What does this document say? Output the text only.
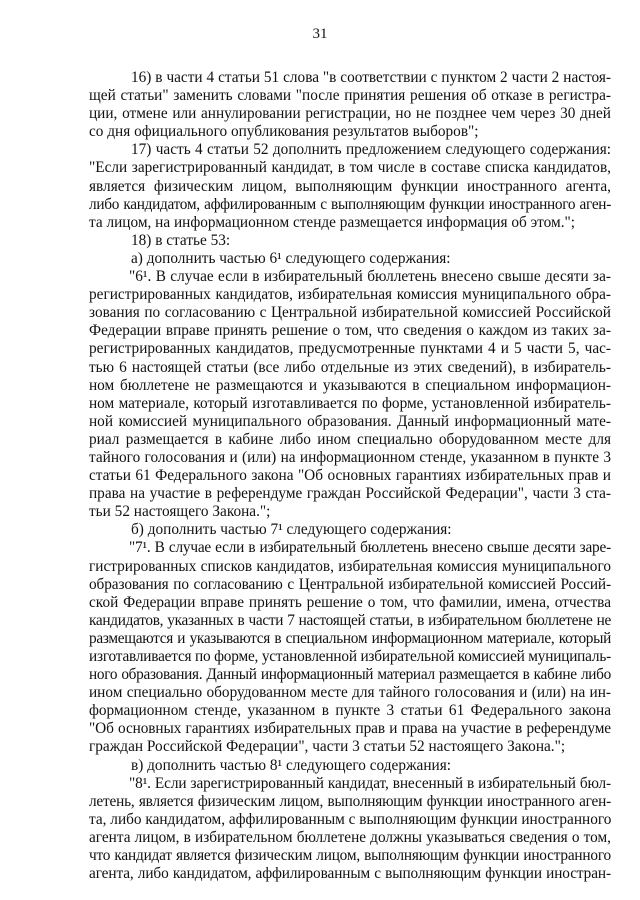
31
16) в части 4 статьи 51 слова "в соответствии с пунктом 2 части 2 настоя-
щей статьи" заменить словами "после принятия решения об отказе в регистра-
ции, отмене или аннулировании регистрации, но не позднее чем через 30 дней
со дня официального опубликования результатов выборов";
17) часть 4 статьи 52 дополнить предложением следующего содержания:
"Если зарегистрированный кандидат, в том числе в составе списка кандидатов,
является физическим лицом, выполняющим функции иностранного агента,
либо кандидатом, аффилированным с выполняющим функции иностранного аген-
та лицом, на информационном стенде размещается информация об этом.";
18) в статье 53:
а) дополнить частью 6¹ следующего содержания:
"6¹. В случае если в избирательный бюллетень внесено свыше десяти за-
регистрированных кандидатов, избирательная комиссия муниципального обра-
зования по согласованию с Центральной избирательной комиссией Российской
Федерации вправе принять решение о том, что сведения о каждом из таких за-
регистрированных кандидатов, предусмотренные пунктами 4 и 5 части 5, час-
тью 6 настоящей статьи (все либо отдельные из этих сведений), в избиратель-
ном бюллетене не размещаются и указываются в специальном информацион-
ном материале, который изготавливается по форме, установленной избиратель-
ной комиссией муниципального образования. Данный информационный мате-
риал размещается в кабине либо ином специально оборудованном месте для
тайного голосования и (или) на информационном стенде, указанном в пункте 3
статьи 61 Федерального закона "Об основных гарантиях избирательных прав и
права на участие в референдуме граждан Российской Федерации", части 3 ста-
тьи 52 настоящего Закона.";
б) дополнить частью 7¹ следующего содержания:
"7¹. В случае если в избирательный бюллетень внесено свыше десяти заре-
гистрированных списков кандидатов, избирательная комиссия муниципального
образования по согласованию с Центральной избирательной комиссией Россий-
ской Федерации вправе принять решение о том, что фамилии, имена, отчества
кандидатов, указанных в части 7 настоящей статьи, в избирательном бюллетене не
размещаются и указываются в специальном информационном материале, который
изготавливается по форме, установленной избирательной комиссией муниципаль-
ного образования. Данный информационный материал размещается в кабине либо
ином специально оборудованном месте для тайного голосования и (или) на ин-
формационном стенде, указанном в пункте 3 статьи 61 Федерального закона
"Об основных гарантиях избирательных прав и права на участие в референдуме
граждан Российской Федерации", части 3 статьи 52 настоящего Закона.";
в) дополнить частью 8¹ следующего содержания:
"8¹. Если зарегистрированный кандидат, внесенный в избирательный бюл-
летень, является физическим лицом, выполняющим функции иностранного аген-
та, либо кандидатом, аффилированным с выполняющим функции иностранного
агента лицом, в избирательном бюллетене должны указываться сведения о том,
что кандидат является физическим лицом, выполняющим функции иностранного
агента, либо кандидатом, аффилированным с выполняющим функции иностран-
